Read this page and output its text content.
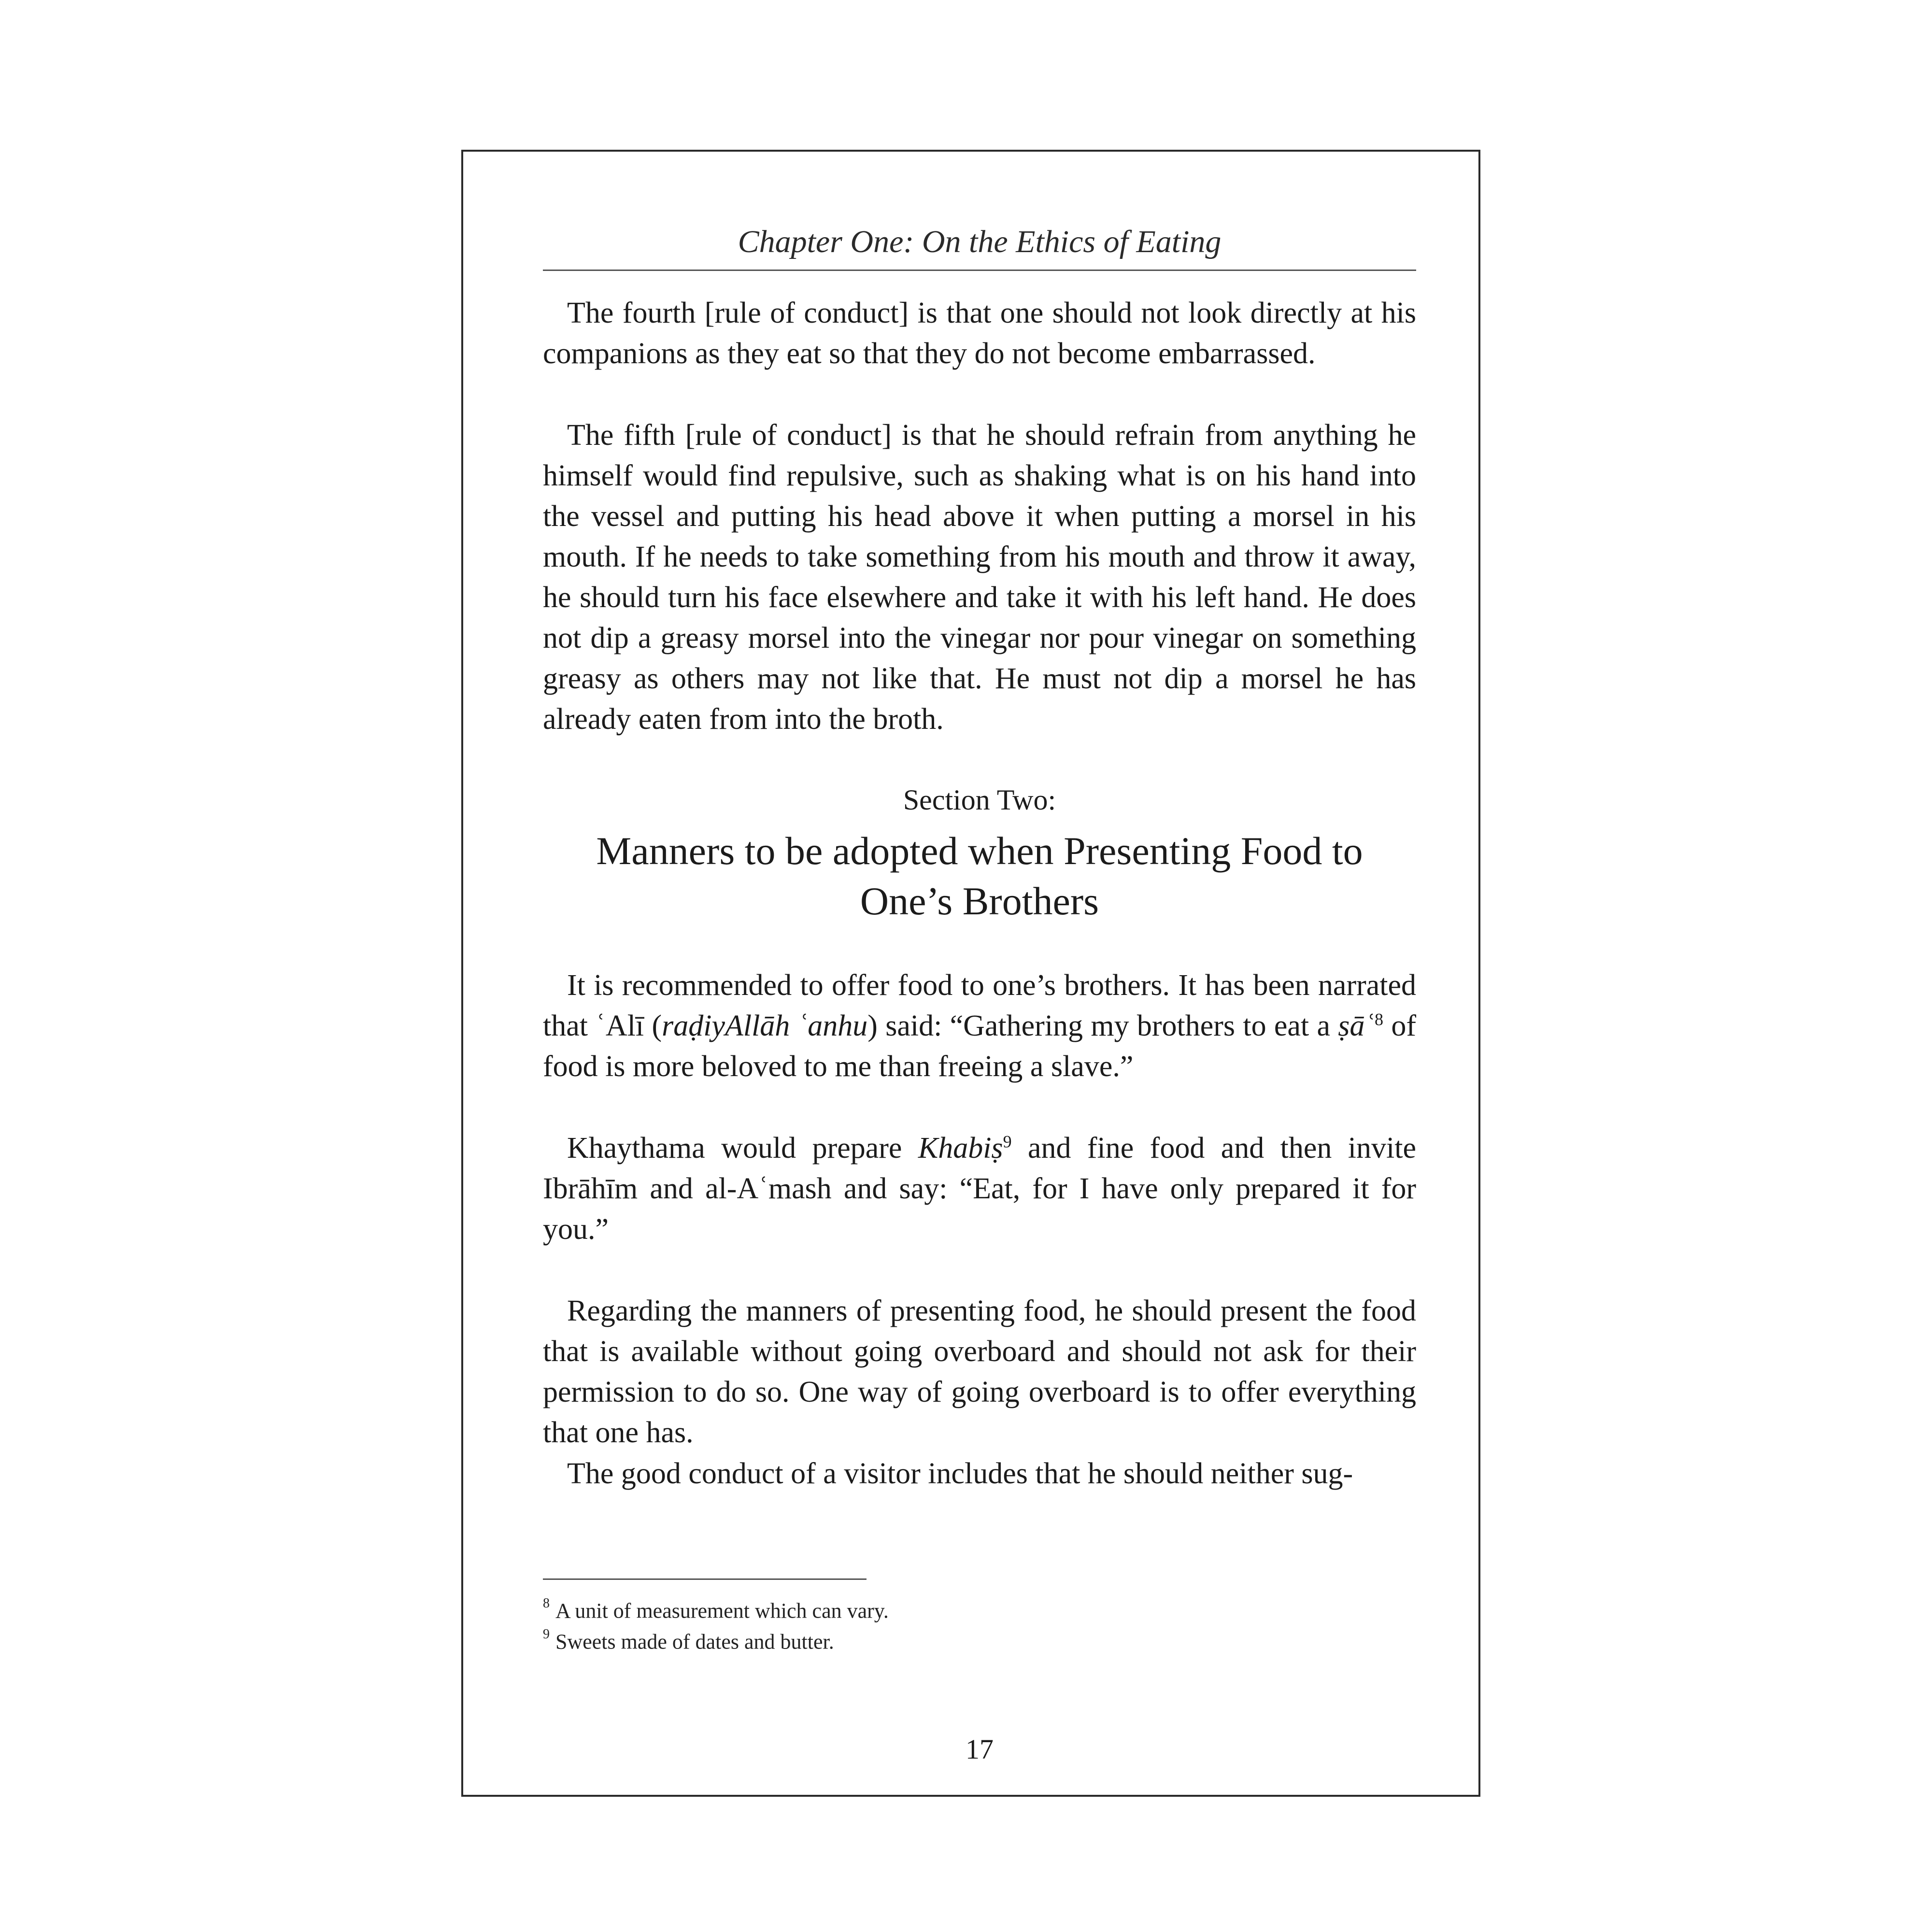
Chapter One: On the Ethics of Eating

The fourth [rule of conduct] is that one should not look directly at his companions as they eat so that they do not become embarrassed.

The fifth [rule of conduct] is that he should refrain from anything he himself would find repulsive, such as shaking what is on his hand into the vessel and putting his head above it when putting a morsel in his mouth. If he needs to take something from his mouth and throw it away, he should turn his face elsewhere and take it with his left hand. He does not dip a greasy morsel into the vinegar nor pour vinegar on something greasy as others may not like that. He must not dip a morsel he has already eaten from into the broth.

Section Two:
Manners to be adopted when Presenting Food to
One’s Brothers

It is recommended to offer food to one’s brothers. It has been narrated that ʿAlī (raḍiyAllāh ʿanhu) said: “Gathering my brothers to eat a ṣāʿ$^8$ of food is more beloved to me than freeing a slave.”

Khaythama would prepare Khabiṣ$^9$ and fine food and then invite Ibrāhīm and al-Aʿmash and say: “Eat, for I have only prepared it for you.”

Regarding the manners of presenting food, he should present the food that is available without going overboard and should not ask for their permission to do so. One way of going overboard is to offer everything that one has.

The good conduct of a visitor includes that he should neither sug-

$^8$ A unit of measurement which can vary.
$^9$ Sweets made of dates and butter.
17
